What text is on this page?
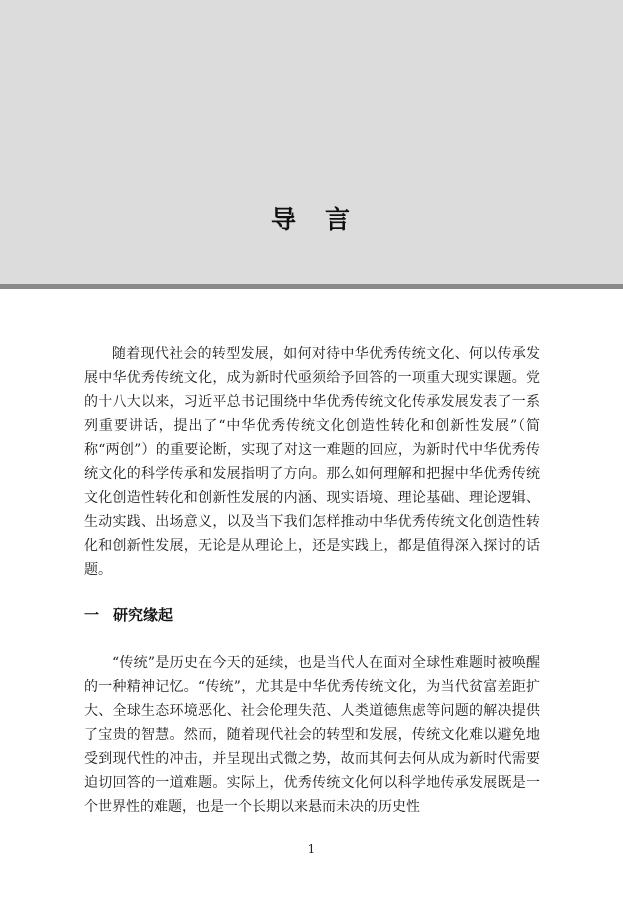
导　言

随着现代社会的转型发展，如何对待中华优秀传统文化、何以传承发展中华优秀传统文化，成为新时代亟须给予回答的一项重大现实课题。党的十八大以来，习近平总书记围绕中华优秀传统文化传承发展发表了一系列重要讲话，提出了“中华优秀传统文化创造性转化和创新性发展”（简称“两创”）的重要论断，实现了对这一难题的回应，为新时代中华优秀传统文化的科学传承和发展指明了方向。那么如何理解和把握中华优秀传统文化创造性转化和创新性发展的内涵、现实语境、理论基础、理论逻辑、生动实践、出场意义，以及当下我们怎样推动中华优秀传统文化创造性转化和创新性发展，无论是从理论上，还是实践上，都是值得深入探讨的话题。

一 研究缘起

“传统”是历史在今天的延续，也是当代人在面对全球性难题时被唤醒的一种精神记忆。“传统”，尤其是中华优秀传统文化，为当代贫富差距扩大、全球生态环境恶化、社会伦理失范、人类道德焦虑等问题的解决提供了宝贵的智慧。然而，随着现代社会的转型和发展，传统文化难以避免地受到现代性的冲击，并呈现出式微之势，故而其何去何从成为新时代需要迫切回答的一道难题。实际上，优秀传统文化何以科学地传承发展既是一个世界性的难题，也是一个长期以来悬而未决的历史性

1
